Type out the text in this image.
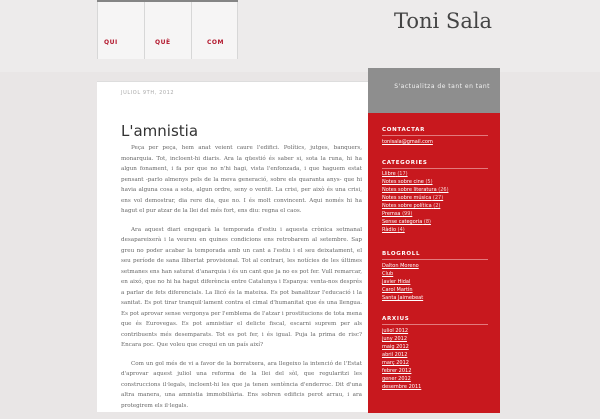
QUI	QUÈ	COM
Toni Sala
JULIOL 9TH, 2012
L'amnistia

Peça per peça, hem anat veient caure l'edifici. Polítics, jutges, banquers, monarquia. Tot, incloent-hi diaris. Ara la qüestió és saber si, sota la runa, hi ha algun fonament, i fa por que no n'hi hagi, vista l'enfonzada, i que haguem estat pensant -parlo almenys pels de la meva generació, sobre els quaranta anys- que hi havia alguna cosa a sota, algun ordre, seny o ventit. La crisi, per això és una crisi, ens vol demostrar, dia rere dia, que no. I és molt convincent. Aqui només hi ha hagut el pur atzar de la llei del més fort, ens diu: regna el caos.

Ara aquest diari engegarà la temporada d'estiu i aquesta crònica setmanal desapareixerà i la veureu en quines condicions ens retrobarem al setembre. Sap greu no poder acabar la temporada amb un cant a l'estiu i el seu deixatament, el seu període de sana llibertat provisional. Tot al contrari, les notícies de les últimes setmanes ens han saturat d'anarquia i és un cant que ja no es pot fer. Vull remarcar, en aixó, que no hi ha hagut diferència entre Catalunya i Espanya: venta-nos després a parlar de fets diferencials. La llicó és la mateixa. Es pot banalitzar l'educació i la sanitat. Es pot tirar tranquil·lament contra el cimal d'humanitat que és una llengua. Es pot aprovar sense vergonya per l'emblema de l'atzar i prostitucions de tota mena que és Eurovegas. Es pot amnistiar el delicte fiscal, escarni suprem per als contribuents més desemparats. Tot es pot fer, i és igual. Puja la prima de risc? Encara poc. Que voleu que crequi en un país així?

Com un gol més de vi a favor de la borratxera, ara llegeixo la intenció de l'Estat d'aprovar aquest juliol una reforma de la llei del sòl, que regularitzi les construccions il·legals, incloent-hi les que ja tenen sentència d'enderroc. Dit d'una altra manera, una amnistia immobiliària. Ens sobren edificis perot arrau, i ara protegirem els il·legals.

S'actualitza de tant en tant
CONTACTAR
tonisala@gmail.com
CATEGORIES
Llibre (17)
Notes sobre cine (5)
Notes sobre literatura (26)
Notes sobre música (27)
Notes sobre política (2)
Premsa (99)
Sense categoria (8)
Ràdio (4)
BLOGROLL
Dalton Moreno
Club
Javier Hidal
Carol Martín
Santa Jaimebeat
ARXIUS
juliol 2012
juny 2012
maig 2012
abril 2012
març 2012
febrer 2012
gener 2012
desembre 2011
